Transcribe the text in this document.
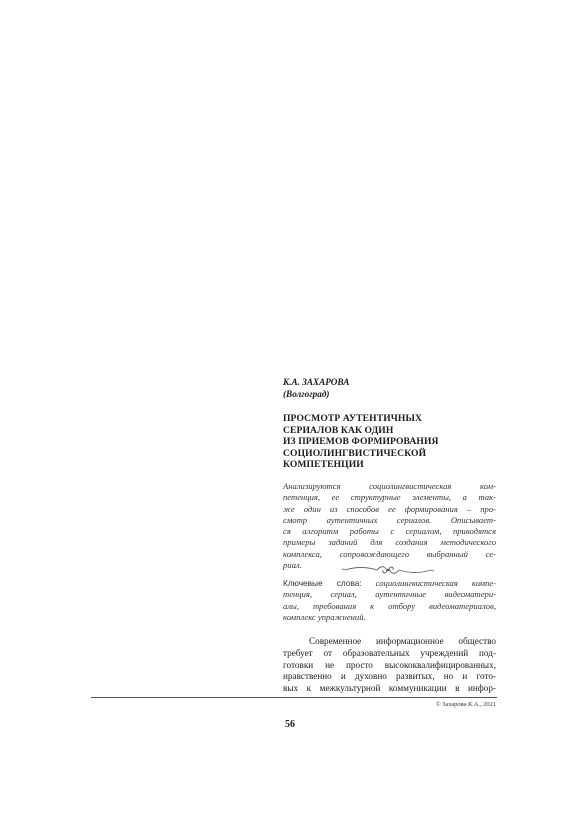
К.А. ЗАХАРОВА
(Волгоград)
ПРОСМОТР АУТЕНТИЧНЫХ
СЕРИАЛОВ КАК ОДИН
ИЗ ПРИЕМОВ ФОРМИРОВАНИЯ
СОЦИОЛИНГВИСТИЧЕСКОЙ
КОМПЕТЕНЦИИ
Анализируются социолингвистическая ком-
петенция, ее структурные элементы, а так-
же один из способов ее формирования – про-
смотр аутентичных сериалов. Описывает-
ся алгоритм работы с сериалом, приводятся
примеры заданий для создания методического
комплекса, сопровождающего выбранный се-
риал.
Ключевые слова: социолингвистическая компе-
тенция, сериал, аутентичные видеоматери-
алы, требования к отбору видеоматериалов,
комплекс упражнений.
Современное информационное общество
требует от образовательных учреждений под-
готовки не просто высококвалифицированных,
нравственно и духовно развитых, но и гото-
вых к межкультурной коммуникации в инфор-
© Захарова К.А., 2021
56
